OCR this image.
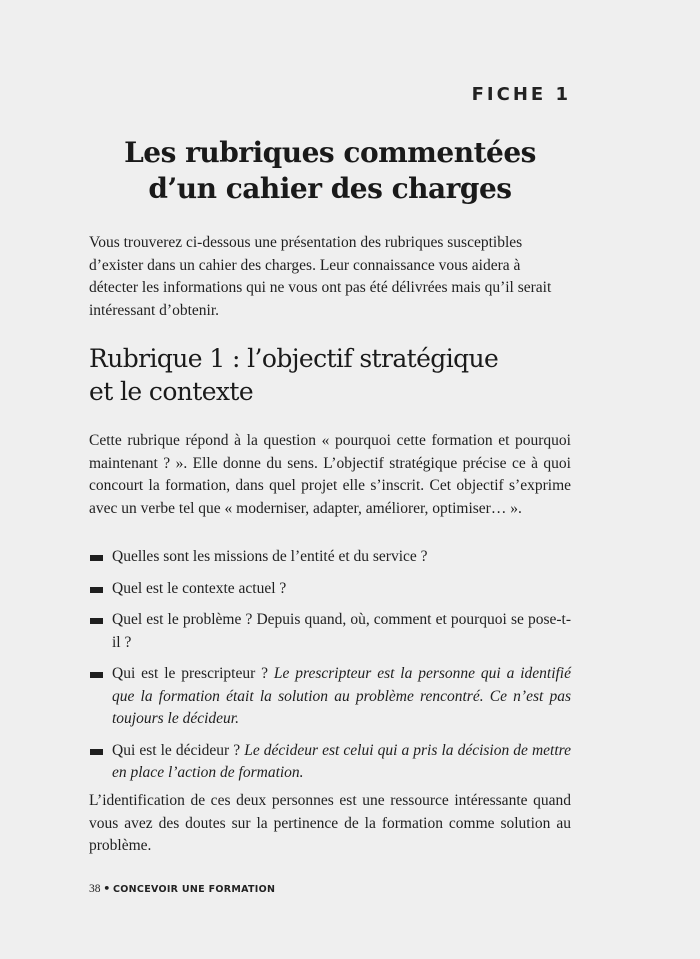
FICHE 1
Les rubriques commentées
d’un cahier des charges

Vous trouverez ci-dessous une présentation des rubriques susceptibles d’exister dans un cahier des charges. Leur connaissance vous aidera à détecter les informations qui ne vous ont pas été délivrées mais qu’il serait intéressant d’obtenir.

Rubrique 1 : l’objectif stratégique
et le contexte

Cette rubrique répond à la question « pourquoi cette formation et pourquoi maintenant ? ». Elle donne du sens. L’objectif stratégique précise ce à quoi concourt la formation, dans quel projet elle s’inscrit. Cet objectif s’exprime avec un verbe tel que « moderniser, adapter, améliorer, optimiser… ».

Quelles sont les missions de l’entité et du service ?
Quel est le contexte actuel ?
Quel est le problème ? Depuis quand, où, comment et pourquoi se pose-t-il ?
Qui est le prescripteur ? Le prescripteur est la personne qui a identifié que la formation était la solution au problème rencontré. Ce n’est pas toujours le décideur.
Qui est le décideur ? Le décideur est celui qui a pris la décision de mettre en place l’action de formation.

L’identification de ces deux personnes est une ressource intéressante quand vous avez des doutes sur la pertinence de la formation comme solution au problème.

38 • CONCEVOIR UNE FORMATION
